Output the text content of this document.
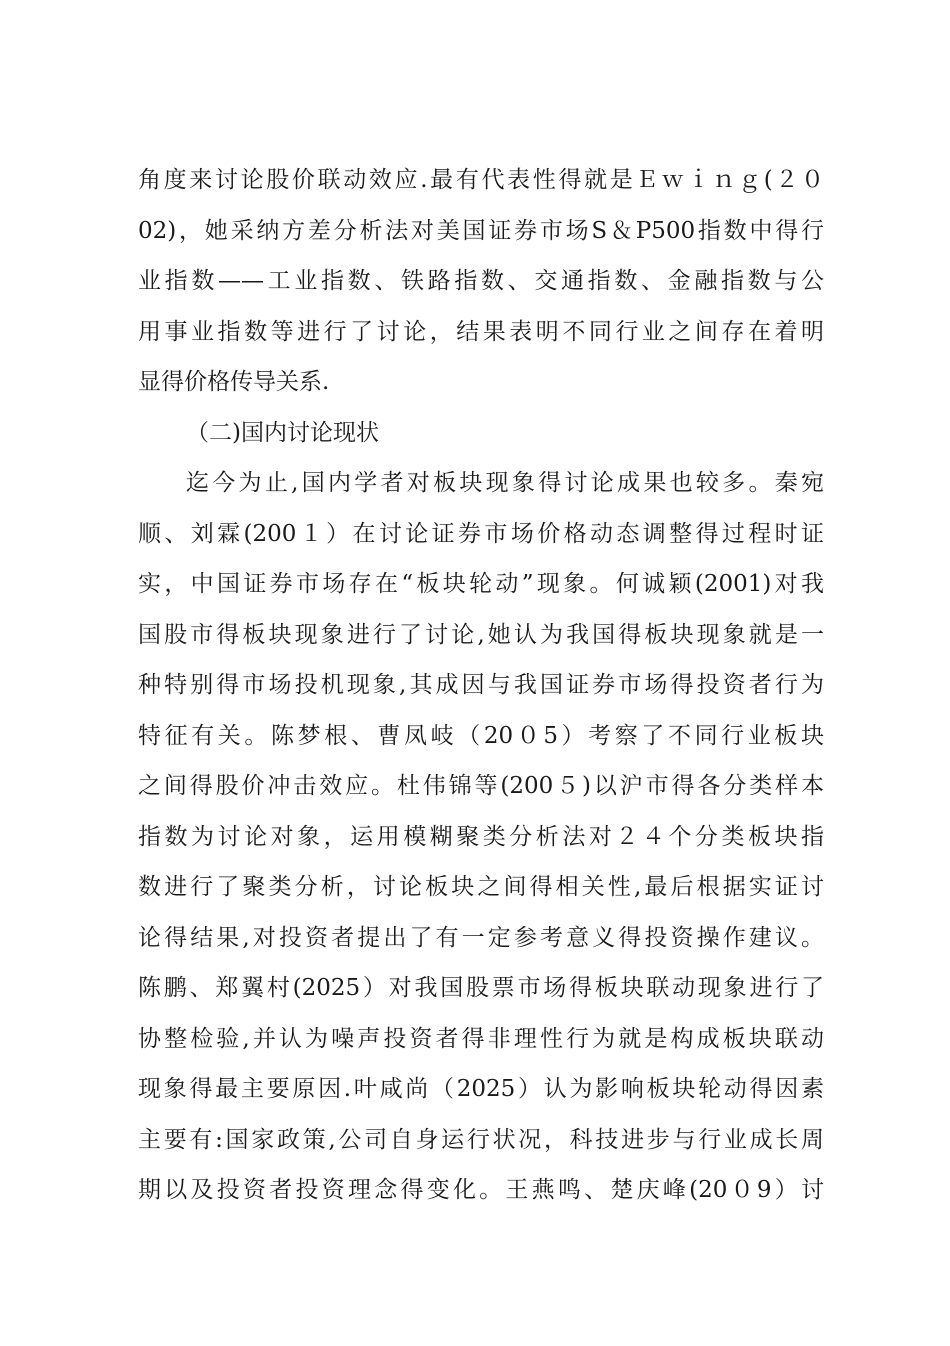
角度来讨论股价联动效应.最有代表性得就是Ｅｗｉｎｇ(２０
02)，她采纳方差分析法对美国证券市场S＆P500指数中得行
业指数——工业指数、铁路指数、交通指数、金融指数与公
用事业指数等进行了讨论，结果表明不同行业之间存在着明
显得价格传导关系.
（二)国内讨论现状
迄今为止,国内学者对板块现象得讨论成果也较多。秦宛
顺、刘霖(200１）在讨论证券市场价格动态调整得过程时证
实，中国证券市场存在“板块轮动”现象。何诚颖(2001)对我
国股市得板块现象进行了讨论,她认为我国得板块现象就是一
种特别得市场投机现象,其成因与我国证券市场得投资者行为
特征有关。陈梦根、曹凤岐（20０5）考察了不同行业板块
之间得股价冲击效应。杜伟锦等(200５)以沪市得各分类样本
指数为讨论对象，运用模糊聚类分析法对２４个分类板块指
数进行了聚类分析，讨论板块之间得相关性,最后根据实证讨
论得结果,对投资者提出了有一定参考意义得投资操作建议。
陈鹏、郑翼村(2025）对我国股票市场得板块联动现象进行了
协整检验,并认为噪声投资者得非理性行为就是构成板块联动
现象得最主要原因.叶咸尚（2025）认为影响板块轮动得因素
主要有:国家政策,公司自身运行状况，科技进步与行业成长周
期以及投资者投资理念得变化。王燕鸣、楚庆峰(20０9）讨
